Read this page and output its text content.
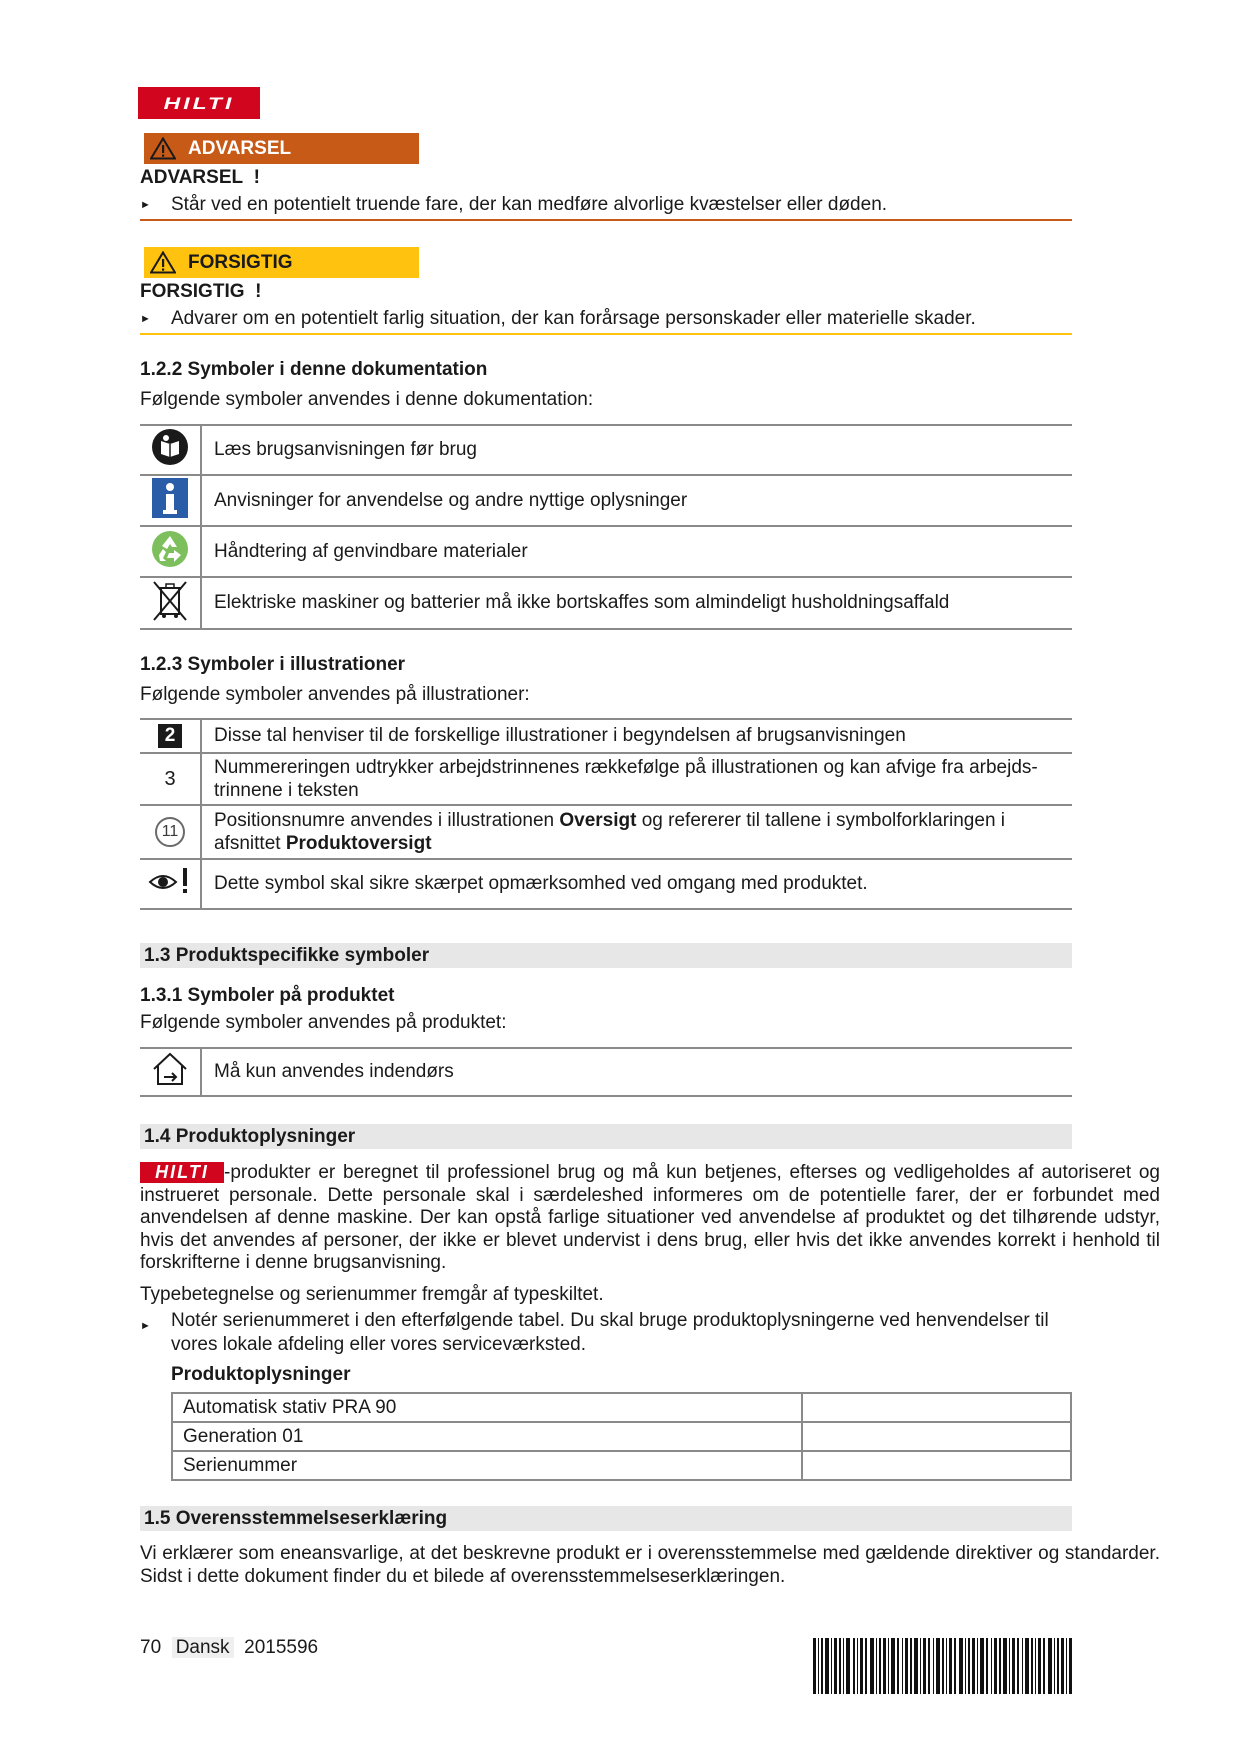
HILTI
ADVARSEL
ADVARSEL !
► Står ved en potentielt truende fare, der kan medføre alvorlige kvæstelser eller døden.
FORSIGTIG
FORSIGTIG !
► Advarer om en potentielt farlig situation, der kan forårsage personskader eller materielle skader.
1.2.2 Symboler i denne dokumentation
Følgende symboler anvendes i denne dokumentation:
	Læs brugsanvisningen før brug
	Anvisninger for anvendelse og andre nyttige oplysninger
	Håndtering af genvindbare materialer
	Elektriske maskiner og batterier må ikke bortskaffes som almindeligt husholdningsaffald
1.2.3 Symboler i illustrationer
Følgende symboler anvendes på illustrationer:
2	Disse tal henviser til de forskellige illustrationer i begyndelsen af brugsanvisningen
3	Nummereringen udtrykker arbejdstrinnenes rækkefølge på illustrationen og kan afvige fra arbejds-
trinnene i teksten
11	Positionsnumre anvendes i illustrationen Oversigt og refererer til tallene i symbolforklaringen i
afsnittet Produktoversigt
	Dette symbol skal sikre skærpet opmærksomhed ved omgang med produktet.
1.3 Produktspecifikke symboler
1.3.1 Symboler på produktet
Følgende symboler anvendes på produktet:
	Må kun anvendes indendørs
1.4 Produktoplysninger
HILTI -produkter er beregnet til professionel brug og må kun betjenes, efterses og vedligeholdes af autoriseret og instrueret personale. Dette personale skal i særdeleshed informeres om de potentielle farer, der er forbundet med anvendelsen af denne maskine. Der kan opstå farlige situationer ved anvendelse af produktet og det tilhørende udstyr, hvis det anvendes af personer, der ikke er blevet undervist i dens brug, eller hvis det ikke anvendes korrekt i henhold til forskrifterne i denne brugsanvisning.
Typebetegnelse og serienummer fremgår af typeskiltet.
► Notér serienummeret i den efterfølgende tabel. Du skal bruge produktoplysningerne ved henvendelser til vores lokale afdeling eller vores serviceværksted.
Produktoplysninger
Automatisk stativ PRA 90	
Generation 01	
Serienummer	
1.5 Overensstemmelseserklæring
Vi erklærer som eneansvarlige, at det beskrevne produkt er i overensstemmelse med gældende direktiver og standarder. Sidst i dette dokument finder du et bilede af overensstemmelseserklæringen.
70 Dansk 2015596
